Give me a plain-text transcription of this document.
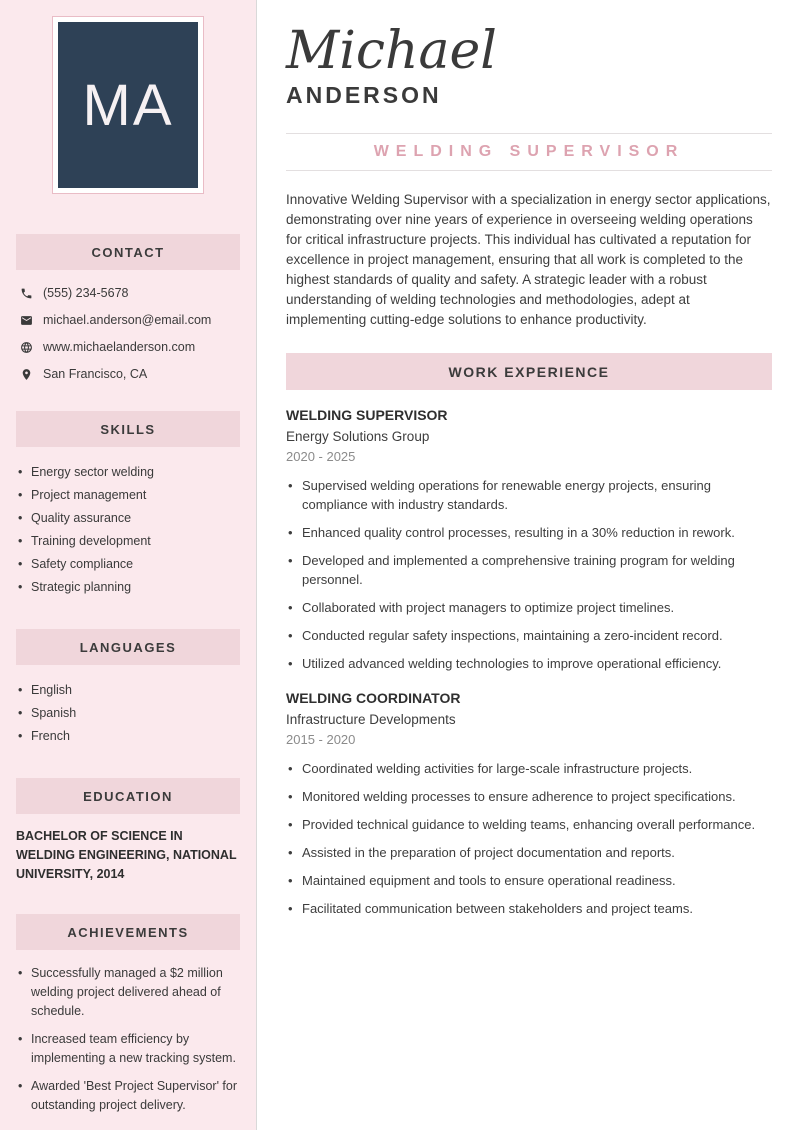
MA
CONTACT
(555) 234-5678
michael.anderson@email.com
www.michaelanderson.com
San Francisco, CA
SKILLS
• Energy sector welding
• Project management
• Quality assurance
• Training development
• Safety compliance
• Strategic planning
LANGUAGES
• English
• Spanish
• French
EDUCATION
BACHELOR OF SCIENCE IN WELDING ENGINEERING, NATIONAL UNIVERSITY, 2014
ACHIEVEMENTS
• Successfully managed a $2 million welding project delivered ahead of schedule.
• Increased team efficiency by implementing a new tracking system.
• Awarded 'Best Project Supervisor' for outstanding project delivery.
Michael
ANDERSON
WELDING SUPERVISOR

Innovative Welding Supervisor with a specialization in energy sector applications, demonstrating over nine years of experience in overseeing welding operations for critical infrastructure projects. This individual has cultivated a reputation for excellence in project management, ensuring that all work is completed to the highest standards of quality and safety. A strategic leader with a robust understanding of welding technologies and methodologies, adept at implementing cutting-edge solutions to enhance productivity.

WORK EXPERIENCE
WELDING SUPERVISOR
Energy Solutions Group
2020 - 2025
• Supervised welding operations for renewable energy projects, ensuring compliance with industry standards.
• Enhanced quality control processes, resulting in a 30% reduction in rework.
• Developed and implemented a comprehensive training program for welding personnel.
• Collaborated with project managers to optimize project timelines.
• Conducted regular safety inspections, maintaining a zero-incident record.
• Utilized advanced welding technologies to improve operational efficiency.
WELDING COORDINATOR
Infrastructure Developments
2015 - 2020
• Coordinated welding activities for large-scale infrastructure projects.
• Monitored welding processes to ensure adherence to project specifications.
• Provided technical guidance to welding teams, enhancing overall performance.
• Assisted in the preparation of project documentation and reports.
• Maintained equipment and tools to ensure operational readiness.
• Facilitated communication between stakeholders and project teams.
